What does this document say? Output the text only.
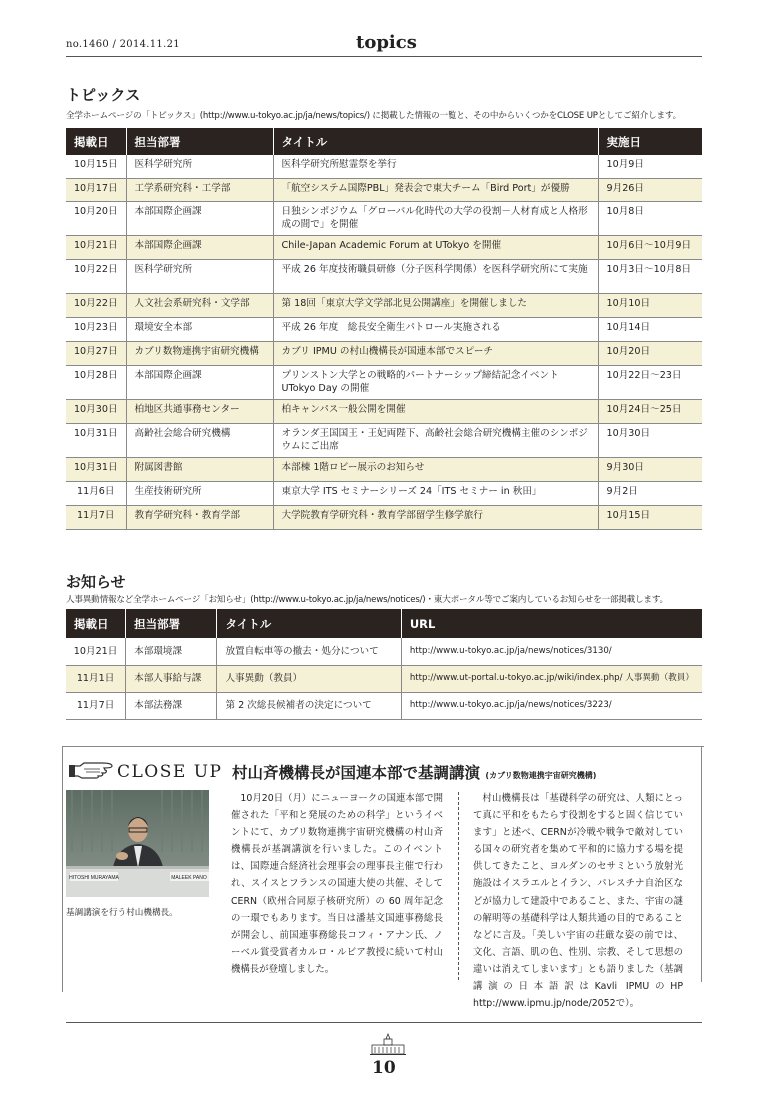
no.1460 / 2014.11.21	topics
トピックス
全学ホームページの「トピックス」(http://www.u-tokyo.ac.jp/ja/news/topics/) に掲載した情報の一覧と、その中からいくつかをCLOSE UPとしてご紹介します。
掲載日	担当部署	タイトル	実施日
10月15日	医科学研究所	医科学研究所慰霊祭を挙行	10月9日
10月17日	工学系研究科・工学部	「航空システム国際PBL」発表会で東大チーム「Bird Port」が優勝	9月26日
10月20日	本部国際企画課	日独シンポジウム「グローバル化時代の大学の役割－人材育成と人格形成の間で」を開催	10月8日
10月21日	本部国際企画課	Chile-Japan Academic Forum at UTokyo を開催	10月6日～10月9日
10月22日	医科学研究所	平成 26 年度技術職員研修（分子医科学関係）を医科学研究所にて実施	10月3日～10月8日
10月22日	人文社会系研究科・文学部	第 18回「東京大学文学部北見公開講座」を開催しました	10月10日
10月23日	環境安全本部	平成 26 年度　総長安全衛生パトロール実施される	10月14日
10月27日	カブリ数物連携宇宙研究機構	カブリ IPMU の村山機構長が国連本部でスピーチ	10月20日
10月28日	本部国際企画課	プリンストン大学との戦略的パートナーシップ締結記念イベント UTokyo Day の開催	10月22日～23日
10月30日	柏地区共通事務センター	柏キャンパス一般公開を開催	10月24日～25日
10月31日	高齢社会総合研究機構	オランダ王国国王・王妃両陛下、高齢社会総合研究機構主催のシンポジウムにご出席	10月30日
10月31日	附属図書館	本部棟 1階ロビー展示のお知らせ	9月30日
11月6日	生産技術研究所	東京大学 ITS セミナーシリーズ 24「ITS セミナー in 秋田」	9月2日
11月7日	教育学研究科・教育学部	大学院教育学研究科・教育学部留学生修学旅行	10月15日
お知らせ
人事異動情報など全学ホームページ「お知らせ」(http://www.u-tokyo.ac.jp/ja/news/notices/)・東大ポータル等でご案内しているお知らせを一部掲載します。
掲載日	担当部署	タイトル	URL
10月21日	本部環境課	放置自転車等の撤去・処分について	http://www.u-tokyo.ac.jp/ja/news/notices/3130/
11月1日	本部人事給与課	人事異動（教員）	http://www.ut-portal.u-tokyo.ac.jp/wiki/index.php/ 人事異動（教員）
11月7日	本部法務課	第 2 次総長候補者の決定について	http://www.u-tokyo.ac.jp/ja/news/notices/3223/
CLOSE UP 村山斉機構長が国連本部で基調講演 (カブリ数物連携宇宙研究機構)
HITOSHI MURAYAMA	MALEEK PANO
基調講演を行う村山機構長。

10月20日（月）にニューヨークの国連本部で開催された「平和と発展のための科学」というイベントにて、カブリ数物連携宇宙研究機構の村山斉機構長が基調講演を行いました。このイベントは、国際連合経済社会理事会の理事長主催で行われ、スイスとフランスの国連大使の共催、そしてCERN（欧州合同原子核研究所）の 60 周年記念の一環でもあります。当日は潘基文国連事務総長が開会し、前国連事務総長コフィ・アナン氏、ノーベル賞受賞者カルロ・ルビア教授に続いて村山機構長が登壇しました。

村山機構長は「基礎科学の研究は、人類にとって真に平和をもたらす役割をすると固く信じています」と述べ、CERNが冷戦や戦争で敵対している国々の研究者を集めて平和的に協力する場を提供してきたこと、ヨルダンのセサミという放射光施設はイスラエルとイラン、パレスチナ自治区などが協力して建設中であること、また、宇宙の謎の解明等の基礎科学は人類共通の目的であることなどに言及。「美しい宇宙の荘厳な姿の前では、文化、言語、肌の色、性別、宗教、そして思想の違いは消えてしまいます」とも語りました（基調講演の日本語訳はKavli IPMUのHP http://www.ipmu.jp/node/2052で）。

10
